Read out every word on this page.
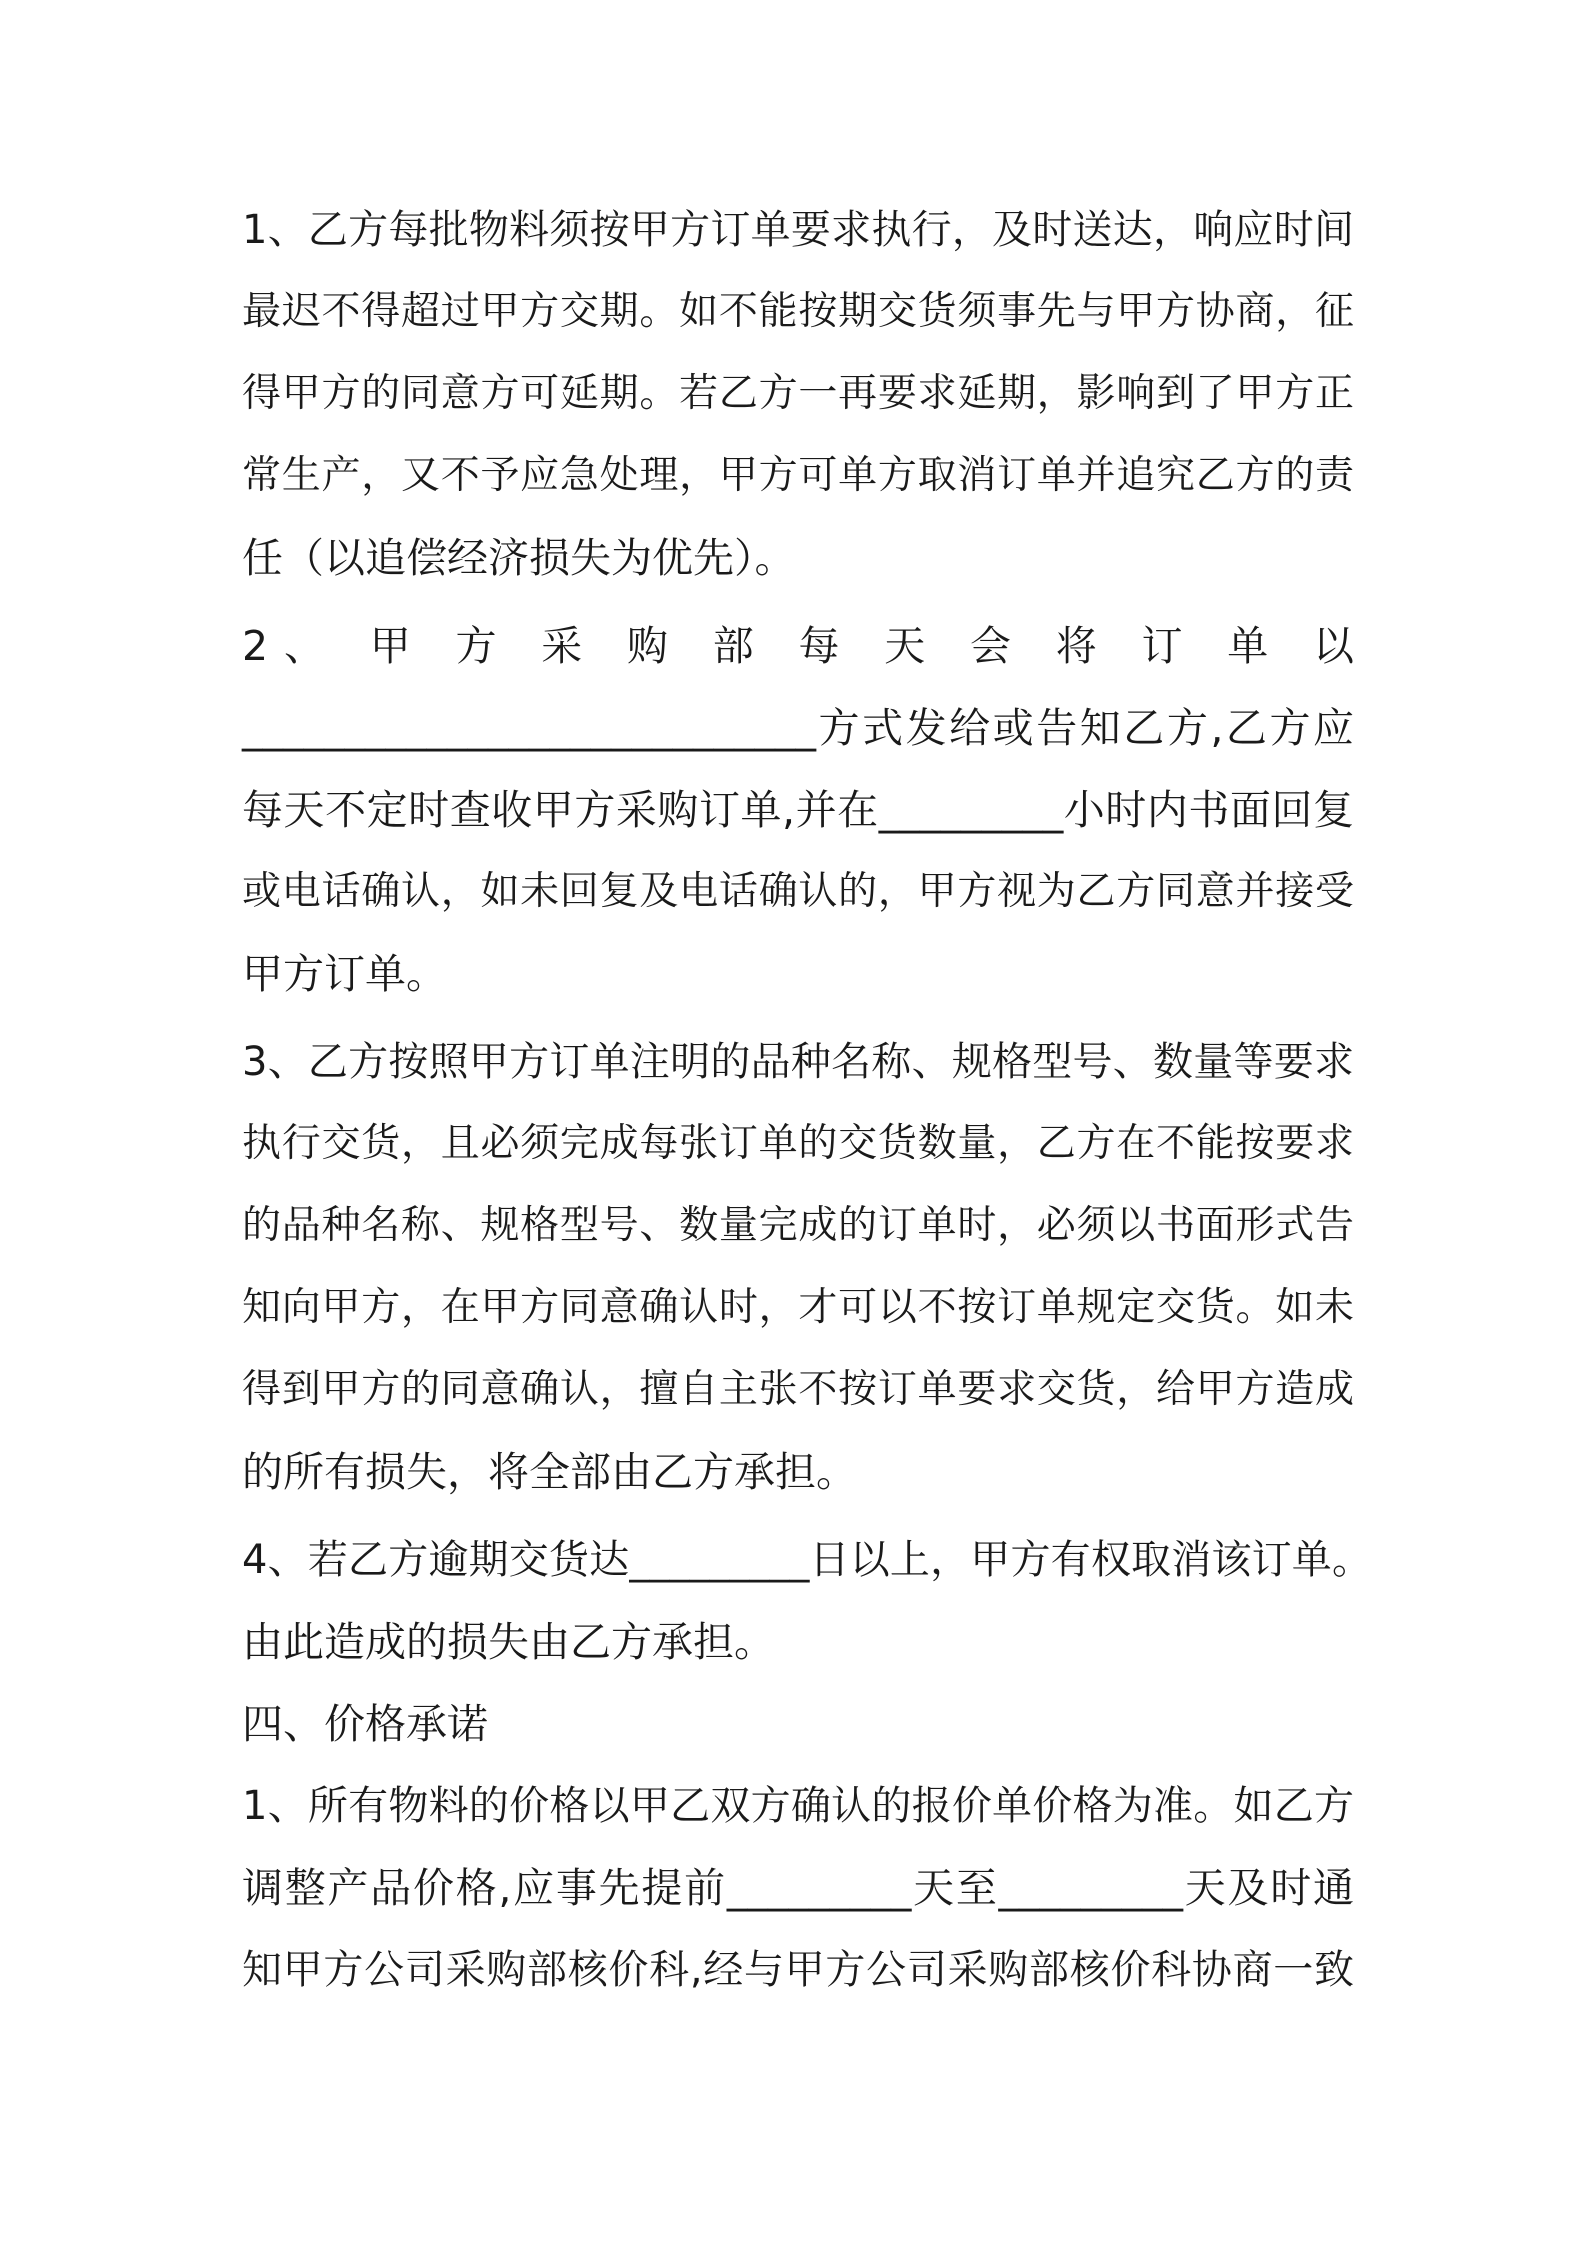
1、乙方每批物料须按甲方订单要求执行，及时送达，响应时间
最迟不得超过甲方交期。如不能按期交货须事先与甲方协商，征
得甲方的同意方可延期。若乙方一再要求延期，影响到了甲方正
常生产，又不予应急处理，甲方可单方取消订单并追究乙方的责
任（以追偿经济损失为优先）。
2、 甲 方 采 购 部 每 天 会 将 订 单 以
____________________________方式发给或告知乙方,乙方应
每天不定时查收甲方采购订单,并在_________小时内书面回复
或电话确认，如未回复及电话确认的，甲方视为乙方同意并接受
甲方订单。
3、乙方按照甲方订单注明的品种名称、规格型号、数量等要求
执行交货，且必须完成每张订单的交货数量，乙方在不能按要求
的品种名称、规格型号、数量完成的订单时，必须以书面形式告
知向甲方，在甲方同意确认时，才可以不按订单规定交货。如未
得到甲方的同意确认，擅自主张不按订单要求交货，给甲方造成
的所有损失，将全部由乙方承担。
4、若乙方逾期交货达_________日以上，甲方有权取消该订单。
由此造成的损失由乙方承担。
四、价格承诺
1、所有物料的价格以甲乙双方确认的报价单价格为准。如乙方
调整产品价格,应事先提前_________天至_________天及时通
知甲方公司采购部核价科,经与甲方公司采购部核价科协商一致
